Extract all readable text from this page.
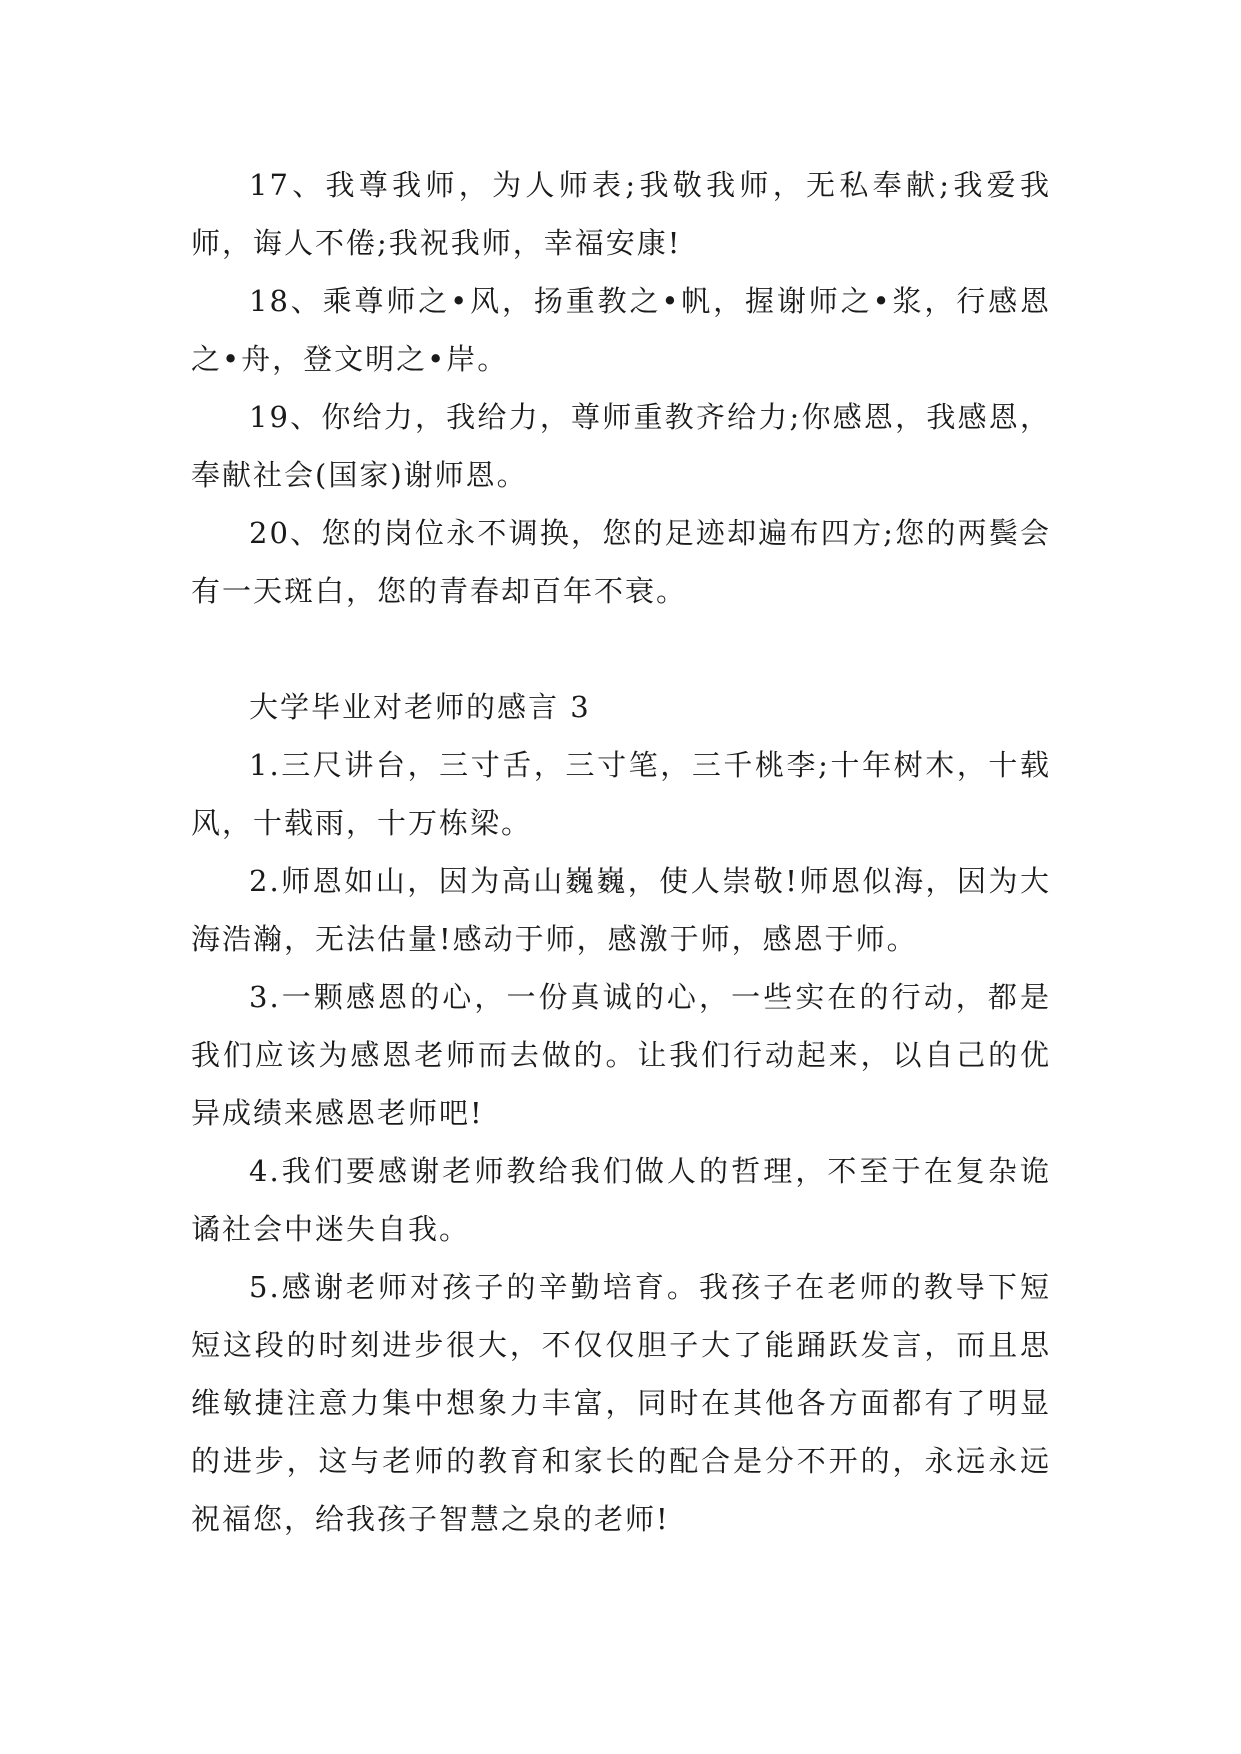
17、我尊我师，为人师表;我敬我师，无私奉献;我爱我师，诲人不倦;我祝我师，幸福安康!

18、乘尊师之•风，扬重教之•帆，握谢师之•浆，行感恩之•舟，登文明之•岸。

19、你给力，我给力，尊师重教齐给力;你感恩，我感恩，奉献社会(国家)谢师恩。

20、您的岗位永不调换，您的足迹却遍布四方;您的两鬓会有一天斑白，您的青春却百年不衰。

大学毕业对老师的感言 3

1.三尺讲台，三寸舌，三寸笔，三千桃李;十年树木，十载风，十载雨，十万栋梁。

2.师恩如山，因为高山巍巍，使人崇敬!师恩似海，因为大海浩瀚，无法估量!感动于师，感激于师，感恩于师。

3.一颗感恩的心，一份真诚的心，一些实在的行动，都是我们应该为感恩老师而去做的。让我们行动起来，以自己的优异成绩来感恩老师吧!

4.我们要感谢老师教给我们做人的哲理，不至于在复杂诡谲社会中迷失自我。

5.感谢老师对孩子的辛勤培育。我孩子在老师的教导下短短这段的时刻进步很大，不仅仅胆子大了能踊跃发言，而且思维敏捷注意力集中想象力丰富，同时在其他各方面都有了明显的进步，这与老师的教育和家长的配合是分不开的，永远永远祝福您，给我孩子智慧之泉的老师!
